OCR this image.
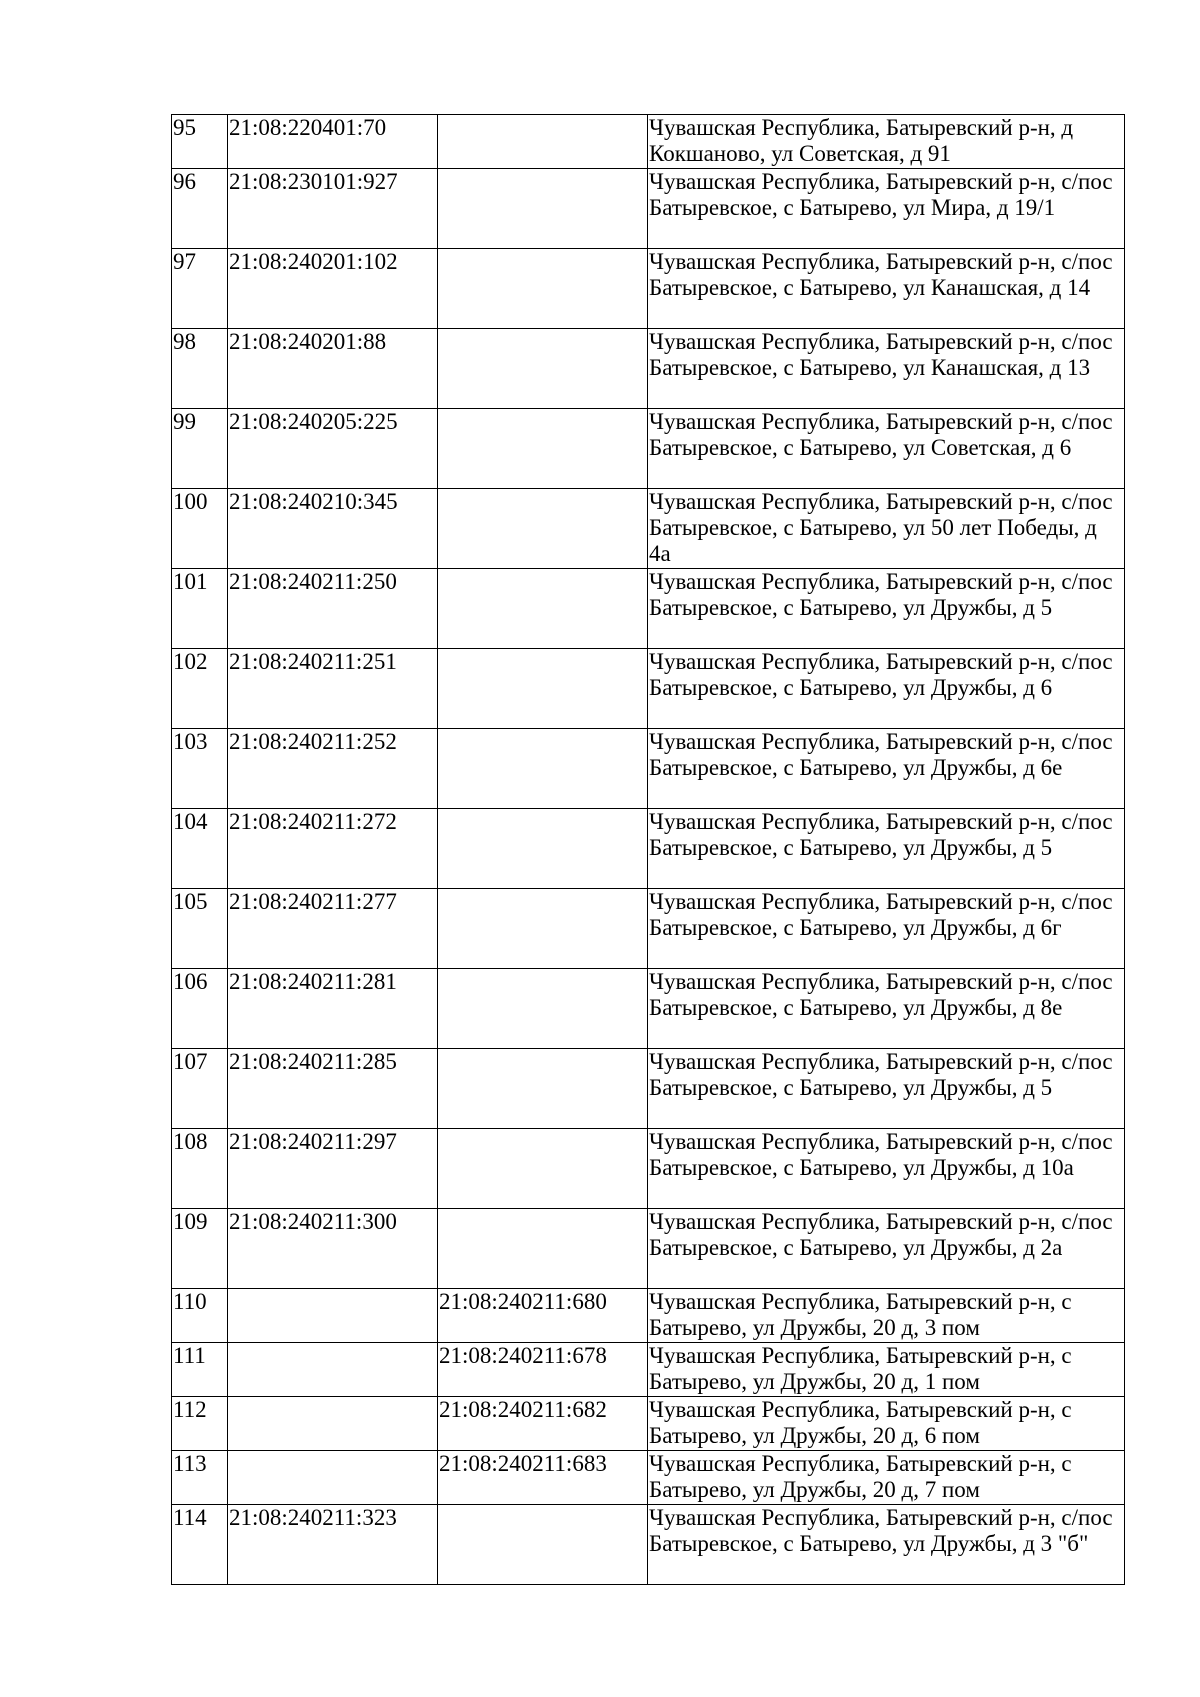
95	21:08:220401:70		Чувашская Республика, Батыревский р-н, д Кокшаново, ул Советская, д 91
96	21:08:230101:927		Чувашская Республика, Батыревский р-н, с/пос Батыревское, с Батырево, ул Мира, д 19/1
97	21:08:240201:102		Чувашская Республика, Батыревский р-н, с/пос Батыревское, с Батырево, ул Канашская, д 14
98	21:08:240201:88		Чувашская Республика, Батыревский р-н, с/пос Батыревское, с Батырево, ул Канашская, д 13
99	21:08:240205:225		Чувашская Республика, Батыревский р-н, с/пос Батыревское, с Батырево, ул Советская, д 6
100	21:08:240210:345		Чувашская Республика, Батыревский р-н, с/пос Батыревское, с Батырево, ул 50 лет Победы, д 4а
101	21:08:240211:250		Чувашская Республика, Батыревский р-н, с/пос Батыревское, с Батырево, ул Дружбы, д 5
102	21:08:240211:251		Чувашская Республика, Батыревский р-н, с/пос Батыревское, с Батырево, ул Дружбы, д 6
103	21:08:240211:252		Чувашская Республика, Батыревский р-н, с/пос Батыревское, с Батырево, ул Дружбы, д 6е
104	21:08:240211:272		Чувашская Республика, Батыревский р-н, с/пос Батыревское, с Батырево, ул Дружбы, д 5
105	21:08:240211:277		Чувашская Республика, Батыревский р-н, с/пос Батыревское, с Батырево, ул Дружбы, д 6г
106	21:08:240211:281		Чувашская Республика, Батыревский р-н, с/пос Батыревское, с Батырево, ул Дружбы, д 8е
107	21:08:240211:285		Чувашская Республика, Батыревский р-н, с/пос Батыревское, с Батырево, ул Дружбы, д 5
108	21:08:240211:297		Чувашская Республика, Батыревский р-н, с/пос Батыревское, с Батырево, ул Дружбы, д 10а
109	21:08:240211:300		Чувашская Республика, Батыревский р-н, с/пос Батыревское, с Батырево, ул Дружбы, д 2а
110		21:08:240211:680	Чувашская Республика, Батыревский р-н, с Батырево, ул Дружбы, 20 д, 3 пом
111		21:08:240211:678	Чувашская Республика, Батыревский р-н, с Батырево, ул Дружбы, 20 д, 1 пом
112		21:08:240211:682	Чувашская Республика, Батыревский р-н, с Батырево, ул Дружбы, 20 д, 6 пом
113		21:08:240211:683	Чувашская Республика, Батыревский р-н, с Батырево, ул Дружбы, 20 д, 7 пом
114	21:08:240211:323		Чувашская Республика, Батыревский р-н, с/пос Батыревское, с Батырево, ул Дружбы, д 3 "б"
